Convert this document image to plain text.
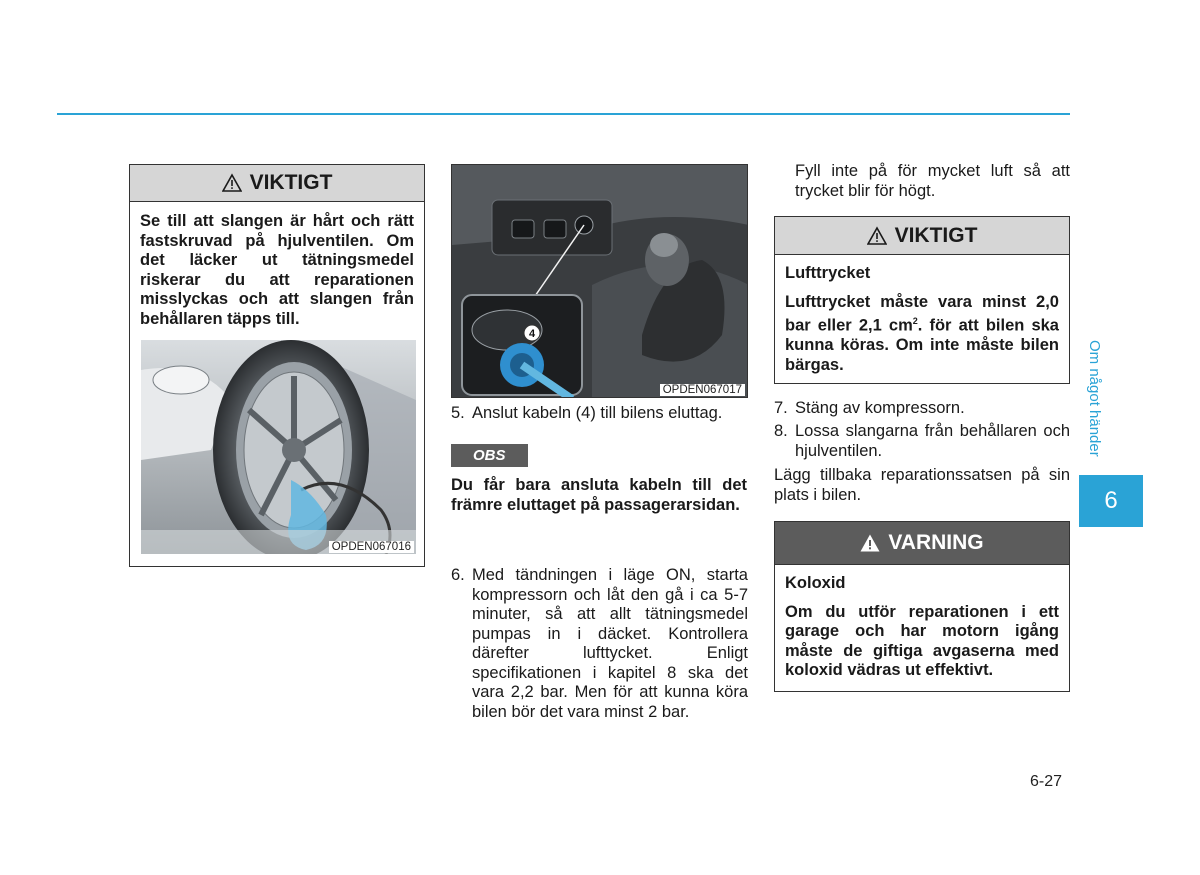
VIKTIGT
Se till att slangen är hårt och rätt fastskruvad på hjulventilen. Om det läcker ut tätningsmedel riskerar du att reparationen misslyckas och att slangen från behållaren täpps till.
OPDEN067016
4
OPDEN067017
5. Anslut kabeln (4) till bilens eluttag.
OBS
Du får bara ansluta kabeln till det främre eluttaget på passagerarsidan.
6. Med tändningen i läge ON, starta kompressorn och låt den gå i ca 5-7 minuter, så att allt tätningsmedel pumpas in i däcket. Kontrollera därefter lufttycket. Enligt specifikationen i kapitel 8 ska det vara 2,2 bar. Men för att kunna köra bilen bör det vara minst 2 bar.
Fyll inte på för mycket luft så att trycket blir för högt.
VIKTIGT

Lufttrycket

Lufttrycket måste vara minst 2,0 bar eller 2,1 $cm^2$. för att bilen ska kunna köras. Om inte måste bilen bärgas.

7. Stäng av kompressorn.
8. Lossa slangarna från behållaren och hjulventilen.
Lägg tillbaka reparationssatsen på sin plats i bilen.
VARNING

Koloxid

Om du utför reparationen i ett garage och har motorn igång måste de giftiga avgaserna med koloxid vädras ut effektivt.

Om något händer
6
6-27
